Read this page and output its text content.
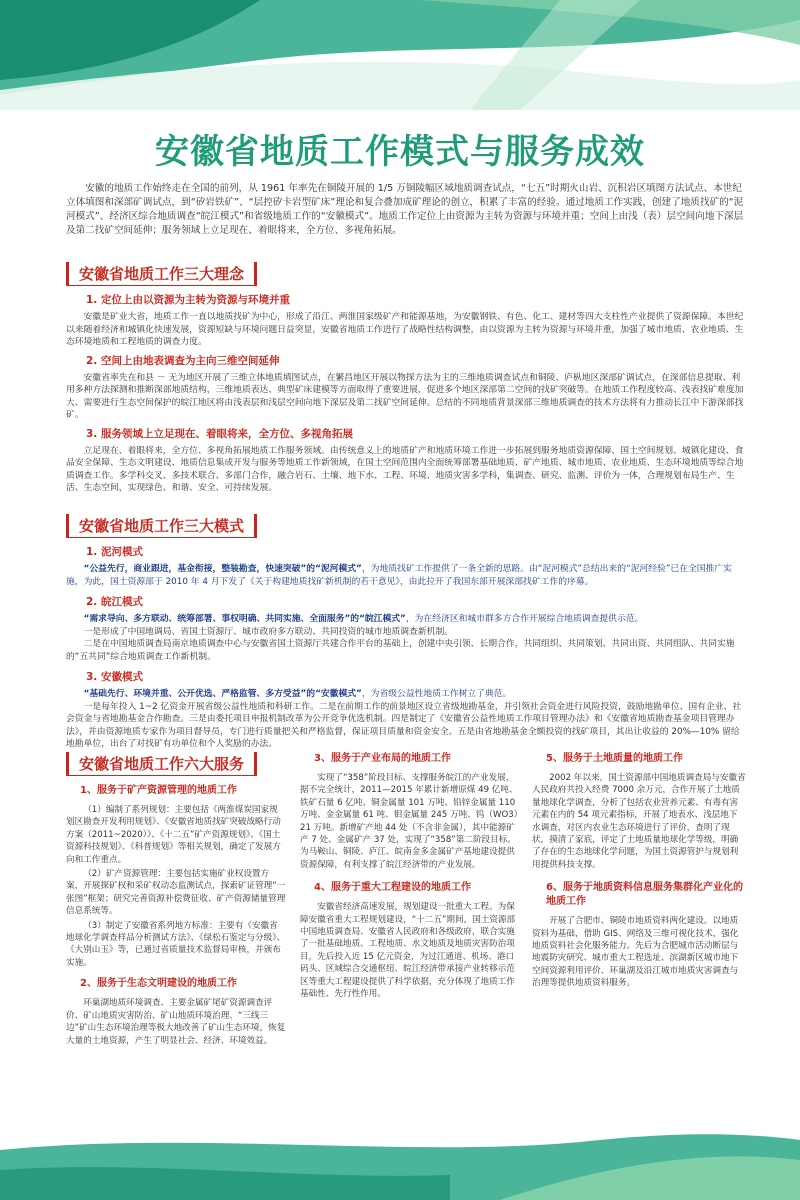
安徽省地质工作模式与服务成效
安徽的地质工作始终走在全国的前列，从 1961 年率先在铜陵开展的 1/5 万铜陵幅区域地质调查试点，“七五”时期火山岩、沉积岩区填图方法试点、本世纪立体填图和深部矿调试点，到“矽岩铁矿”、“层控矽卡岩型矿床”理论和复合叠加成矿理论的创立，积累了丰富的经验。通过地质工作实践，创建了地质找矿的“泥河模式”、经济区综合地质调查“皖江模式”和省级地质工作的“安徽模式”。地质工作定位上由资源为主转为资源与环境并重；空间上由浅（表）层空间向地下深层及第二找矿空间延伸；服务领域上立足现在、着眼将来，全方位、多视角拓展。
安徽省地质工作三大理念
1. 定位上由以资源为主转为资源与环境并重
安徽是矿业大省，地质工作一直以地质找矿为中心，形成了沿江、两淮国家级矿产和能源基地，为安徽钢铁、有色、化工、建材等四大支柱性产业提供了资源保障。本世纪以来随着经济和城镇化快速发展，资源短缺与环境问题日益突显，安徽省地质工作进行了战略性结构调整，由以资源为主转为资源与环境并重，加强了城市地质、农业地质、生态环境地质和工程地质的调查力度。
2. 空间上由地表调查为主向三维空间延伸
安徽省率先在和县 － 无为地区开展了三维立体地质填图试点，在繁昌地区开展以物探方法为主的三维地质调查试点和铜陵、庐枞地区深部矿调试点，在深部信息提取、利用多种方法探测和推断深部地质结构，三维地质表达、典型矿床建模等方面取得了重要进展，促进多个地区深部第二空间的找矿突破等。在地质工作程度较高、浅表找矿难度加大、需要进行生态空间保护的皖江地区将由浅表层和浅层空间向地下深层及第二找矿空间延伸。总结的不同地质背景深部三维地质调查的技术方法将有力推动长江中下游深部找矿。
3. 服务领域上立足现在、着眼将来，全方位、多视角拓展
立足现在、着眼将来，全方位、多视角拓展地质工作服务领域。由传统意义上的地质矿产和地质环境工作进一步拓展到服务地质资源保障、国土空间规划、城镇化建设、食品安全保障、生态文明建设、地质信息集成开发与服务等地质工作新领域，在国土空间范围内全面统筹部署基础地质、矿产地质、城市地质、农业地质、生态环境地质等综合地质调查工作。多学科交叉、多技术联合、多部门合作，融合岩石、土壤、地下水、工程、环境、地质灾害多学科，集调查、研究、监测、评价为一体，合理规划布局生产、生活、生态空间，实现绿色、和谐、安全、可持续发展。
安徽省地质工作三大模式
1. 泥河模式
“公益先行，商业跟进，基金衔接，整装勘查，快速突破”的“泥河模式”，为地质找矿工作提供了一条全新的思路。由“泥河模式”总结出来的“泥河经验”已在全国推广实施，为此，国土资源部于 2010 年 4 月下发了《关于构建地质找矿新机制的若干意见》，由此拉开了我国东部开展深部找矿工作的序幕。
2. 皖江模式
“需求导向、多方联动、统筹部署、事权明确、共同实施、全面服务”的“皖江模式”，为在经济区和城市群多方合作开展综合地质调查提供示范。
一是形成了中国地调局、省国土资源厅、城市政府多方联动、共同投资的城市地质调查新机制。
二是在中国地质调查局南京地质调查中心与安徽省国土资源厅共建合作平台的基础上，创建中央引领、长期合作，共同组织、共同策划、共同出资、共同组队、共同实施的“五共同”综合地质调查工作新机制。
3. 安徽模式
“基础先行、环境并重、公开优选、严格监管、多方受益”的“安徽模式”，为省级公益性地质工作树立了典范。
一是每年投入 1~2 亿资金开展省级公益性地质和科研工作。二是在前期工作的前景地区设立省级地勘基金，并引领社会资金进行风险投资，鼓励地勘单位、国有企业、社会资金与省地勘基金合作勘查。三是由委托项目申报机制改革为公开竞争优选机制。四是制定了《安徽省公益性地质工作项目管理办法》和《安徽省地质勘查基金项目管理办法》，并由资源地质专家作为项目督导员，专门进行质量把关和严格监督，保证项目质量和资金安全。五是由省地勘基金全额投资的找矿项目，其出让收益的 20%—10% 留给地勘单位，出台了对找矿有功单位和个人奖励的办法。
安徽省地质工作六大服务
1、服务于矿产资源管理的地质工作
（1）编制了系列规划：主要包括《两淮煤炭国家规划区勘查开发利用规划》、《安徽省地质找矿突破战略行动方案（2011~2020）》、《十二五”矿产资源规划》、《国土资源科技规划》、《科普规划》等相关规划，确定了发展方向和工作重点。
（2）矿产资源管理：主要包括实施矿业权设置方案，开展探矿权和采矿权动态监测试点，探索矿证管理“一张图”框架；研究完善资源补偿费征收、矿产资源储量管理信息系统等。
（3）制定了安徽省系列地方标准：主要有《安徽省地球化学调查样品分析测试方法》、《绿松石鉴定与分级》、《大别山玉》等，已通过省质量技术监督局审核，并颁布实施。
2、服务于生态文明建设的地质工作
环巢湖地质环境调查、主要金属矿尾矿资源调查评价、矿山地质灾害防治、矿山地质环境治理、“三线三边”矿山生态环境治理等极大地改善了矿山生态环境，恢复大量的土地资源，产生了明显社会、经济、环境效益。
3、服务于产业布局的地质工作
实现了“358”阶段目标、支撑服务皖江的产业发展，据不完全统计，2011—2015 年累计新增原煤 49 亿吨、铁矿石量 6 亿吨、铜金属量 101 万吨、铅锌金属量 110 万吨、金金属量 61 吨、钼金属量 245 万吨、钨（WO3）21 万吨。新增矿产地 44 处（不含非金属），其中能源矿产 7 处、金属矿产 37 处，实现了“358”第二阶段目标。为马鞍山、铜陵、庐江、皖南金多金属矿产基地建设提供资源保障，有利支撑了皖江经济带的产业发展。
4、服务于重大工程建设的地质工作
安徽省经济高速发展，规划建设一批重大工程。为保障安徽省重大工程规划建设，“十二五”期间，国土资源部中国地质调查局、安徽省人民政府和各级政府，联合实施了一批基础地质、工程地质、水文地质及地质灾害防治项目，先后投入近 15 亿元资金，为过江通道、机场、港口码头、区域综合交通枢纽、皖江经济带承接产业转移示范区等重大工程建设提供了科学依据，充分体现了地质工作基础性、先行性作用。
5、服务于土地质量的地质工作
2002 年以来，国土资源部中国地质调查局与安徽省人民政府共投入经费 7000 余万元，合作开展了土地质量地球化学调查，分析了包括农业营养元素、有毒有害元素在内的 54 项元素指标，开展了地表水、浅层地下水调查，对区内农业生态环境进行了评价，查明了现状，摸清了家底，评定了土地质量地球化学等级，明确了存在的生态地球化学问题，为国土资源管护与规划利用提供科技支撑。
6、服务于地质资料信息服务集群化产业化的地质工作
开展了合肥市、铜陵市地质资料两化建设。以地质资料为基础，借助 GIS、网络及三维可视化技术，强化地质资料社会化服务能力。先后为合肥城市活动断层与地震防灾研究、城市重大工程选址、滨湖新区城市地下空间资源利用评价、环巢湖及沿江城市地质灾害调查与治理等提供地质资料服务。
